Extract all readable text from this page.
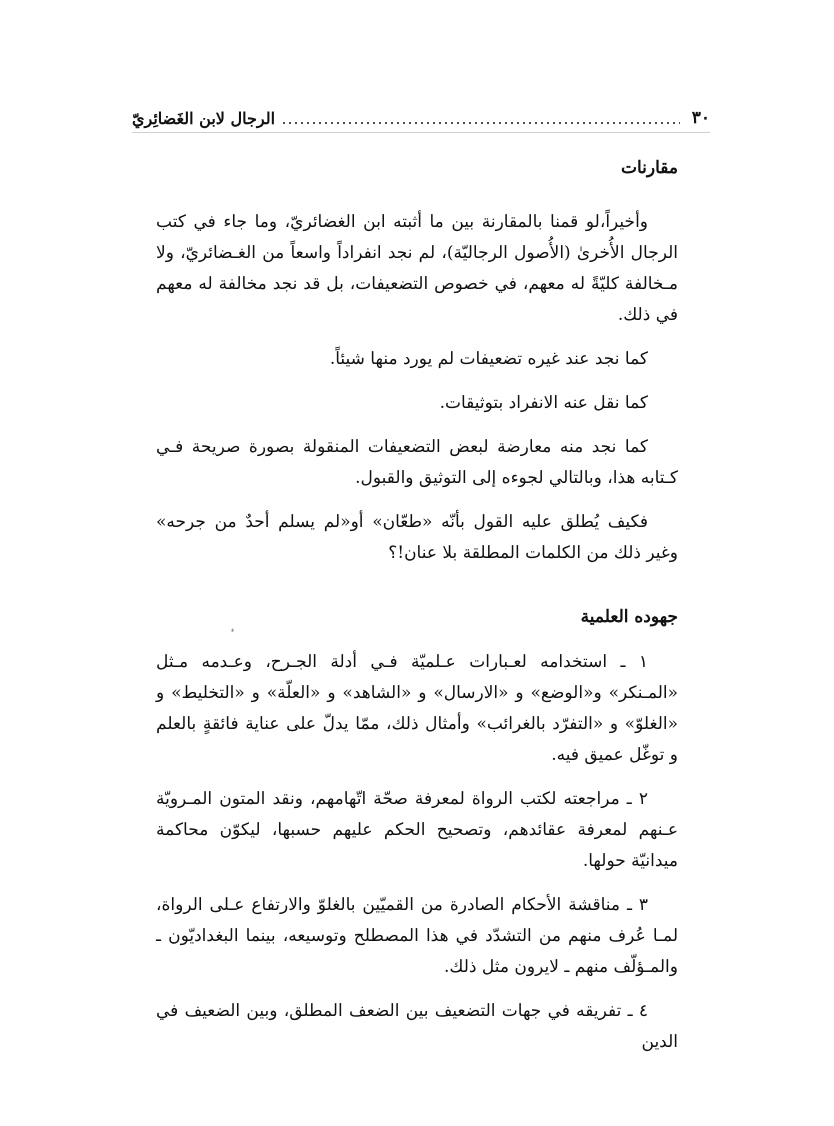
٣٠
الرجال لابن الغَضائِريّ
مقارنات

وأخيراً،لو قمنا بالمقارنة بين ما أثبته ابن الغضائريّ، وما جاء في كتب الرجال الأُخرىٰ (الأُصول الرجاليّة)، لم نجد انفراداً واسعاً من الغـضائريّ، ولا مـخالفة كليّةً له معهم، في خصوص التضعيفات، بل قد نجد مخالفة له معهم في ذلك.

كما نجد عند غيره تضعيفات لم يورد منها شيئاً.

كما نقل عنه الانفراد بتوثيقات.

كما نجد منه معارضة لبعض التضعيفات المنقولة بصورة صريحة فـي كـتابه هذا، وبالتالي لجوءه إلى التوثيق والقبول.

فكيف يُطلق عليه القول بأنّه «طعّان» أو«لم يسلم أحدٌ من جرحه» وغير ذلك من الكلمات المطلقة بلا عنان!؟

جهوده العلمية

١ ـ استخدامه لعـبارات عـلميّة فـي أدلة الجـرح، وعـدمه مـثل «المـنكر» و«الوضع» و «الارسال» و «الشاهد» و «العلّة» و «التخليط» و «الغلوّ» و «التفرّد بالغرائب» وأمثال ذلك، ممّا يدلّ على عناية فائقةٍ بالعلم و توغّل عميق فيه.

٢ ـ مراجعته لكتب الرواة لمعرفة صحّة اتّهامهم، ونقد المتون المـرويّة عـنهم لمعرفة عقائدهم، وتصحيح الحكم عليهم حسبها، ليكوّن محاكمة ميدانيّة حولها.

٣ ـ مناقشة الأحكام الصادرة من القميّين بالغلوّ والارتفاع عـلى الرواة، لمـا عُرف منهم من التشدّد في هذا المصطلح وتوسيعه، بينما البغداديّون ـ والمـؤلّف منهم ـ لايرون مثل ذلك.

٤ ـ تفريقه في جهات التضعيف بين الضعف المطلق، وبين الضعيف في الدين

ء
